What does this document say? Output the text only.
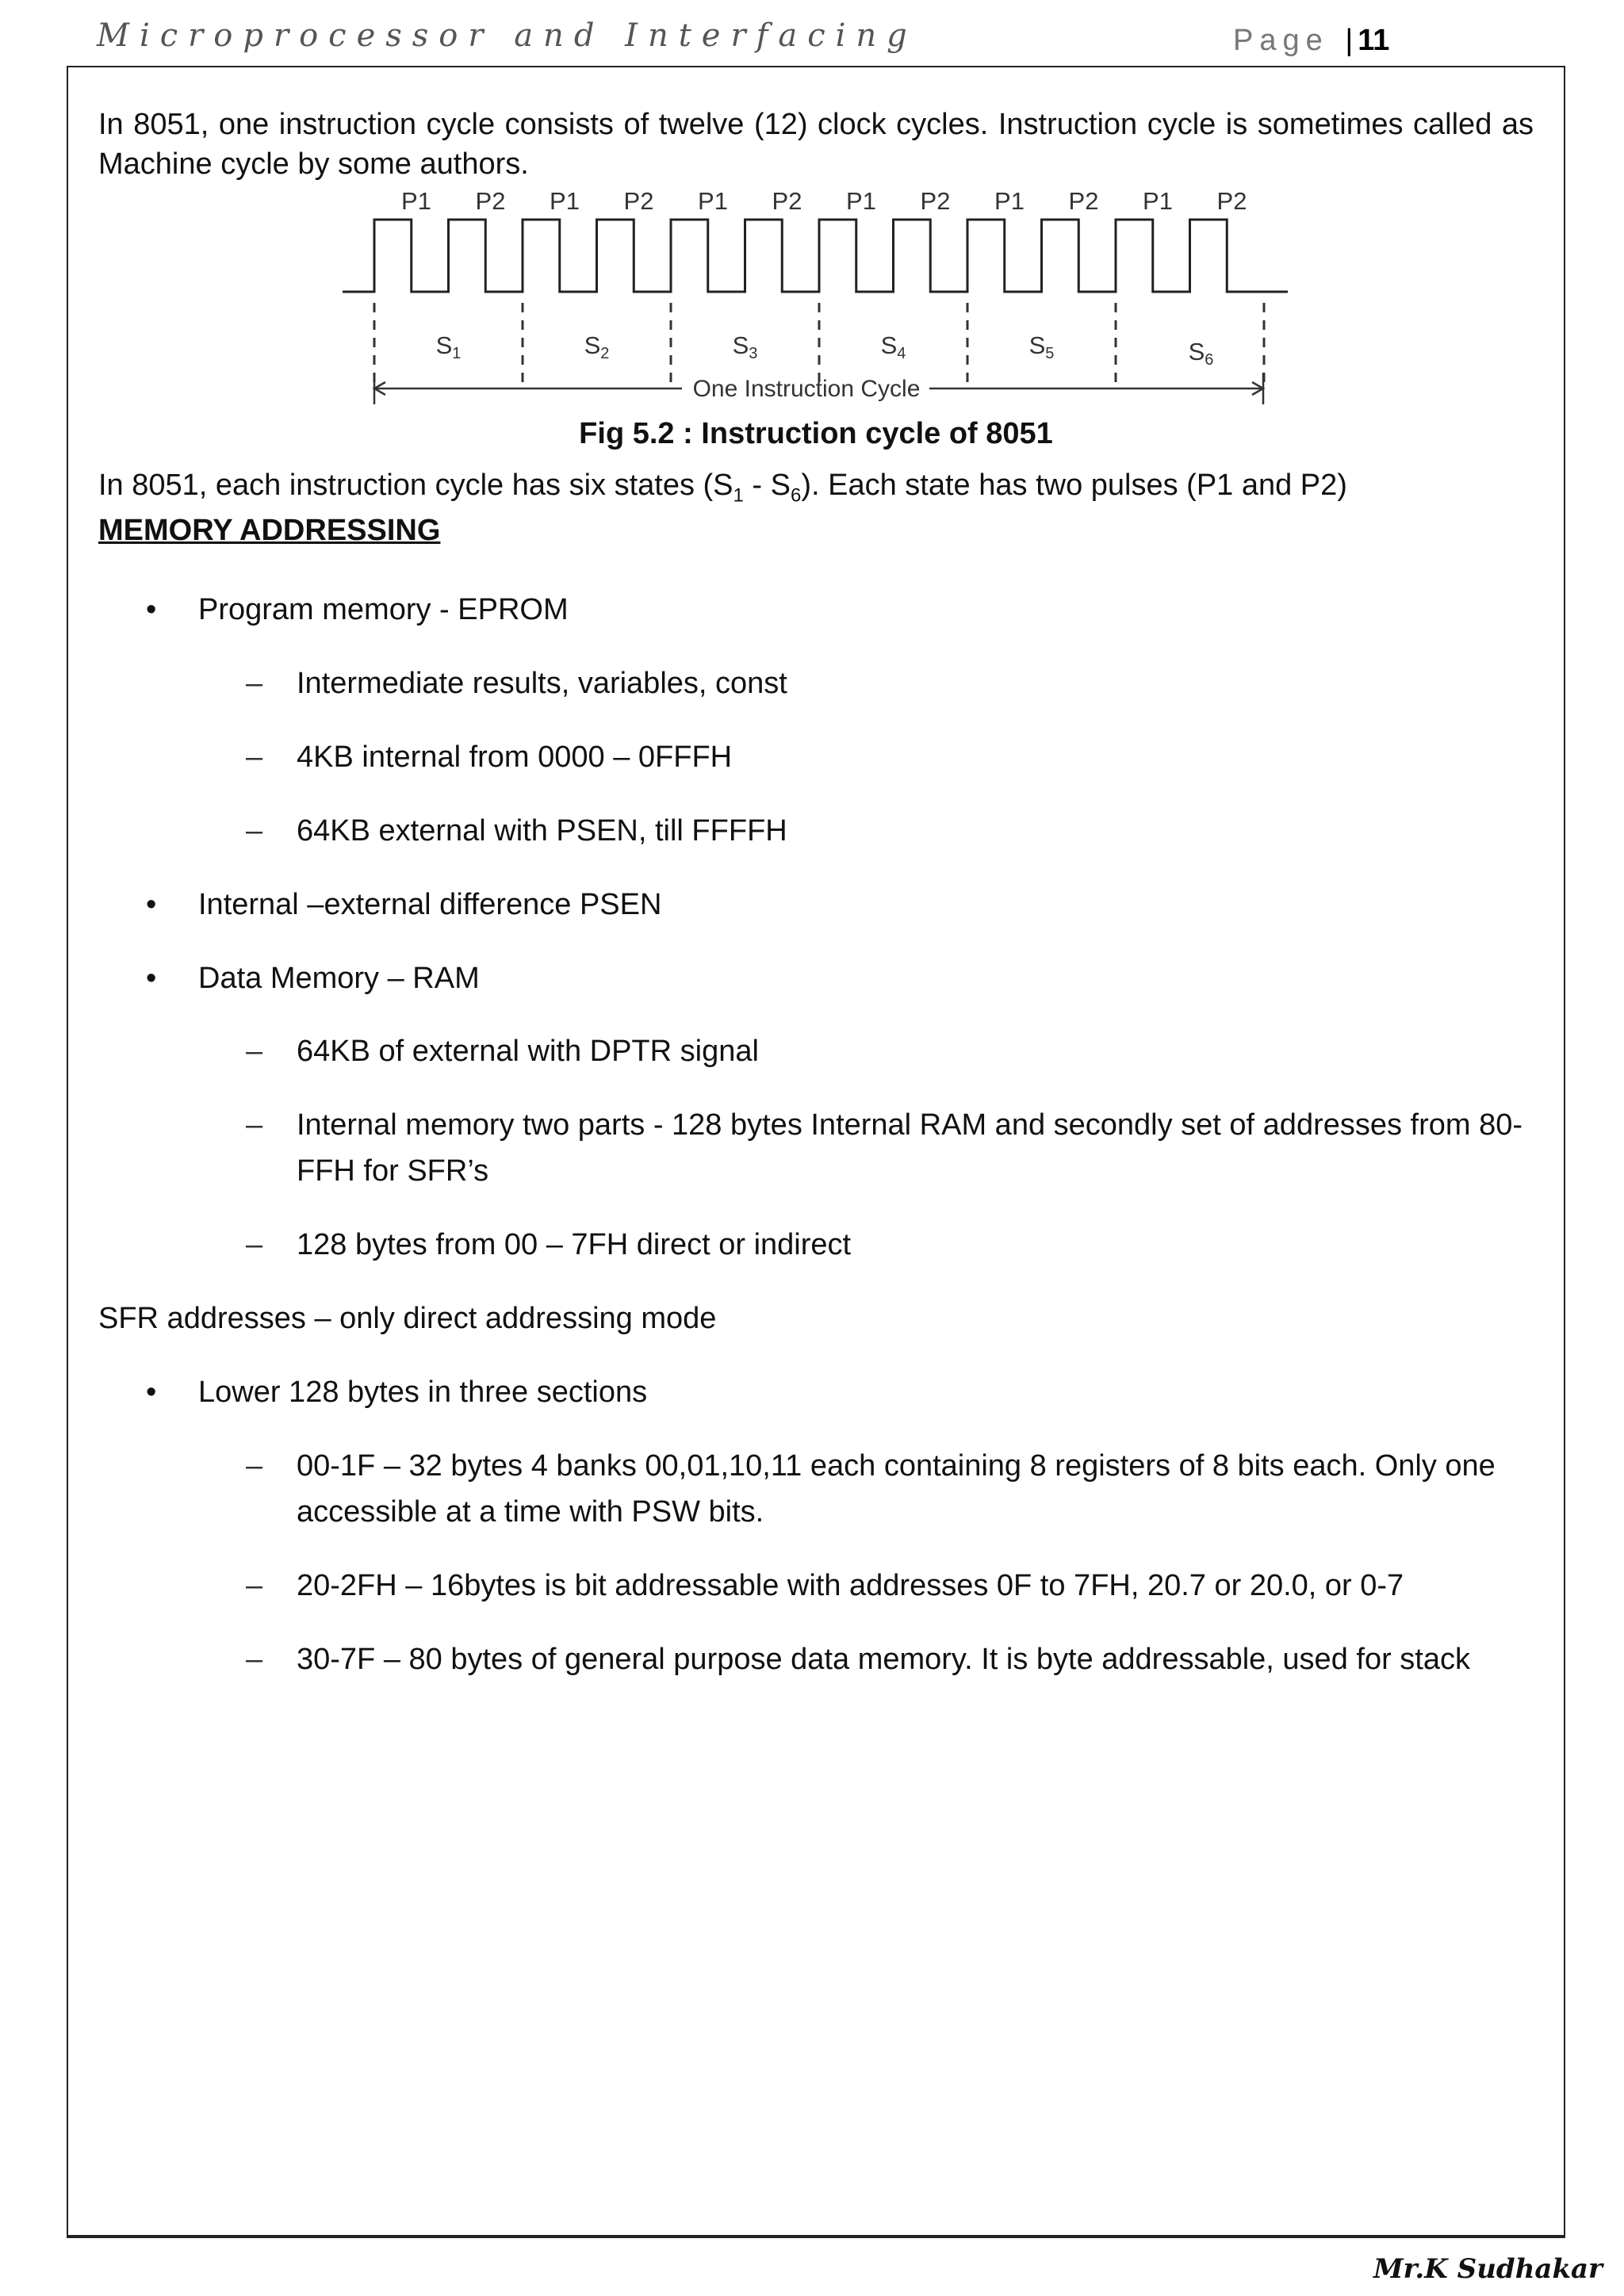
Microprocessor and Interfacing	Page | 11
In 8051, one instruction cycle consists of twelve (12) clock cycles. Instruction cycle is sometimes called as Machine cycle by some authors.
P1 P2 P1 P2 P1 P2 P1 P2 P1 P2 P1 P2
S1	S2	S3	S4	S5	S6
One Instruction Cycle
Fig 5.2 : Instruction cycle of 8051
In 8051, each instruction cycle has six states $(S_1 - S_6)$. Each state has two pulses (P1 and P2)
MEMORY ADDRESSING
• Program memory - EPROM
– Intermediate results, variables, const
– 4KB internal from 0000 – 0FFFH
– 64KB external with PSEN, till FFFFH
• Internal –external difference PSEN
• Data Memory – RAM
– 64KB of external with DPTR signal
– Internal memory two parts - 128 bytes Internal RAM and secondly set of addresses from 80-FFH for SFR’s
– 128 bytes from 00 – 7FH direct or indirect
SFR addresses – only direct addressing mode
• Lower 128 bytes in three sections
– 00-1F – 32 bytes 4 banks 00,01,10,11 each containing 8 registers of 8 bits each. Only one accessible at a time with PSW bits.
– 20-2FH – 16bytes is bit addressable with addresses 0F to 7FH, 20.7 or 20.0, or 0-7
– 30-7F – 80 bytes of general purpose data memory. It is byte addressable, used for stack
Mr.K Sudhakar
